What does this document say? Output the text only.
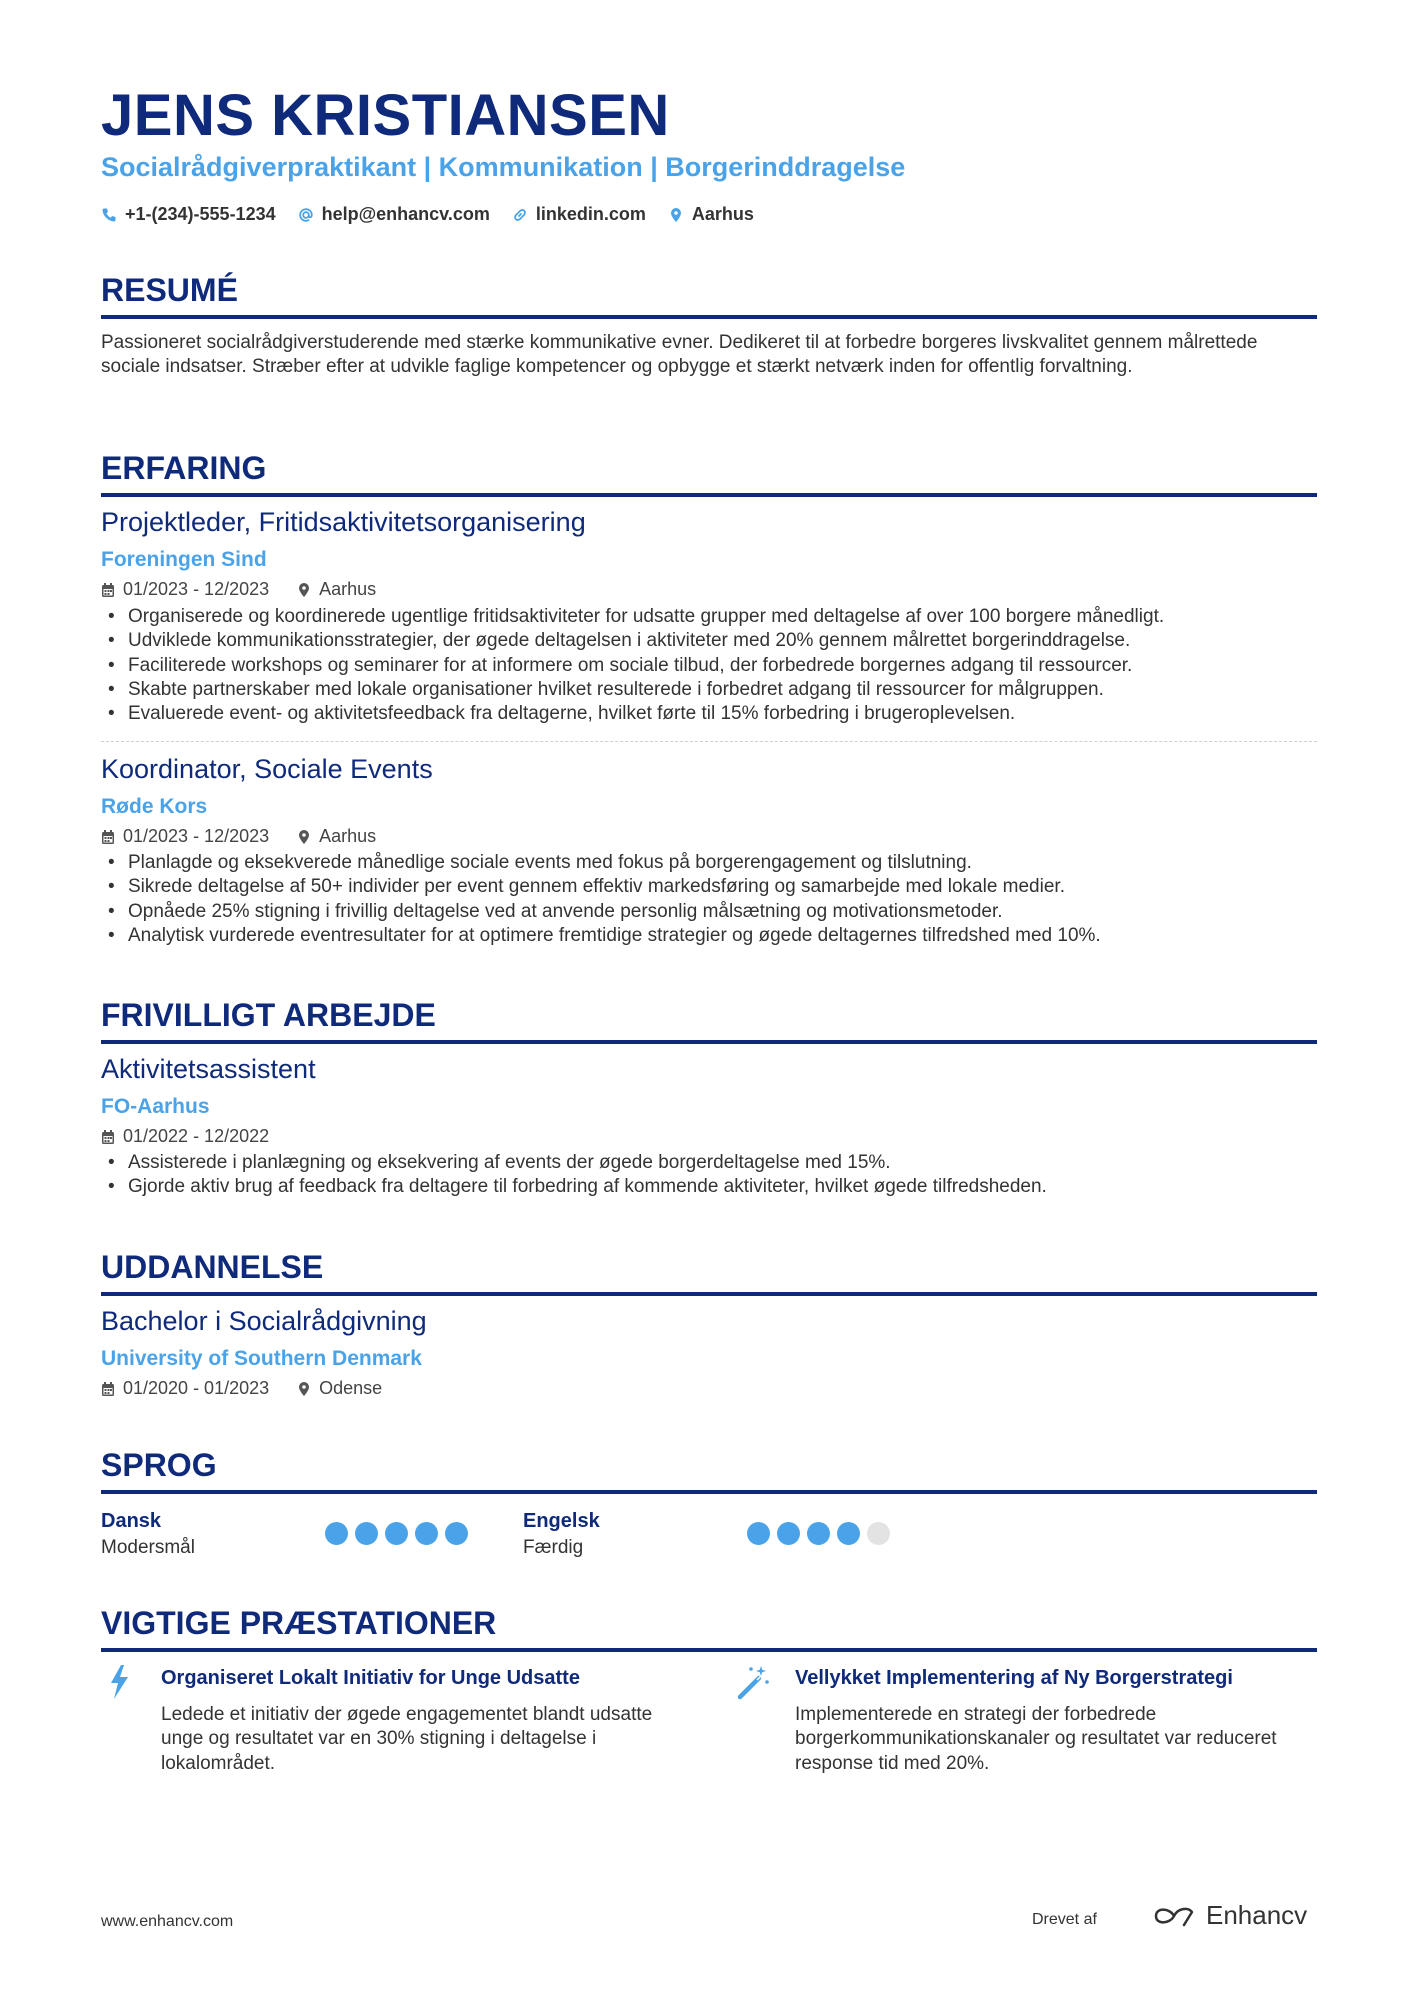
JENS KRISTIANSEN
Socialrådgiverpraktikant | Kommunikation | Borgerinddragelse
+1-(234)-555-1234	help@enhancv.com	linkedin.com	Aarhus
RESUMÉ
Passioneret socialrådgiverstuderende med stærke kommunikative evner. Dedikeret til at forbedre borgeres livskvalitet gennem målrettede sociale indsatser. Stræber efter at udvikle faglige kompetencer og opbygge et stærkt netværk inden for offentlig forvaltning.
ERFARING
Projektleder, Fritidsaktivitetsorganisering
Foreningen Sind
01/2023 - 12/2023	Aarhus
• Organiserede og koordinerede ugentlige fritidsaktiviteter for udsatte grupper med deltagelse af over 100 borgere månedligt.
• Udviklede kommunikationsstrategier, der øgede deltagelsen i aktiviteter med 20% gennem målrettet borgerinddragelse.
• Faciliterede workshops og seminarer for at informere om sociale tilbud, der forbedrede borgernes adgang til ressourcer.
• Skabte partnerskaber med lokale organisationer hvilket resulterede i forbedret adgang til ressourcer for målgruppen.
• Evaluerede event- og aktivitetsfeedback fra deltagerne, hvilket førte til 15% forbedring i brugeroplevelsen.
Koordinator, Sociale Events
Røde Kors
01/2023 - 12/2023	Aarhus
• Planlagde og eksekverede månedlige sociale events med fokus på borgerengagement og tilslutning.
• Sikrede deltagelse af 50+ individer per event gennem effektiv markedsføring og samarbejde med lokale medier.
• Opnåede 25% stigning i frivillig deltagelse ved at anvende personlig målsætning og motivationsmetoder.
• Analytisk vurderede eventresultater for at optimere fremtidige strategier og øgede deltagernes tilfredshed med 10%.
FRIVILLIGT ARBEJDE
Aktivitetsassistent
FO-Aarhus
01/2022 - 12/2022
• Assisterede i planlægning og eksekvering af events der øgede borgerdeltagelse med 15%.
• Gjorde aktiv brug af feedback fra deltagere til forbedring af kommende aktiviteter, hvilket øgede tilfredsheden.
UDDANNELSE
Bachelor i Socialrådgivning
University of Southern Denmark
01/2020 - 01/2023	Odense
SPROG
Dansk
Modersmål
Engelsk
Færdig
VIGTIGE PRÆSTATIONER
Organiseret Lokalt Initiativ for Unge Udsatte
Ledede et initiativ der øgede engagementet blandt udsatte unge og resultatet var en 30% stigning i deltagelse i lokalområdet.
Vellykket Implementering af Ny Borgerstrategi
Implementerede en strategi der forbedrede borgerkommunikationskanaler og resultatet var reduceret response tid med 20%.
www.enhancv.com	Drevet af	Enhancv
